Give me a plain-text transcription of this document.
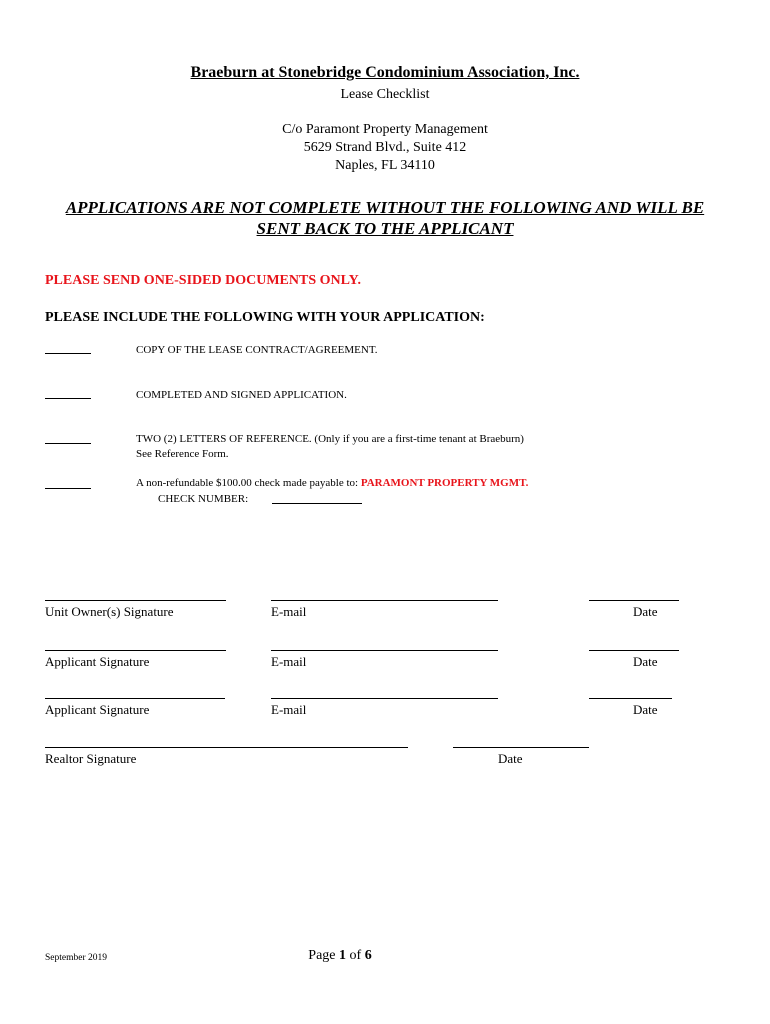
Braeburn at Stonebridge Condominium Association, Inc.
Lease Checklist
C/o Paramont Property Management
5629 Strand Blvd., Suite 412
Naples, FL 34110
APPLICATIONS ARE NOT COMPLETE WITHOUT THE FOLLOWING AND WILL BE
SENT BACK TO THE APPLICANT
PLEASE SEND ONE-SIDED DOCUMENTS ONLY.
PLEASE INCLUDE THE FOLLOWING WITH YOUR APPLICATION:
COPY OF THE LEASE CONTRACT/AGREEMENT.
COMPLETED AND SIGNED APPLICATION.
TWO (2) LETTERS OF REFERENCE. (Only if you are a first-time tenant at Braeburn)
See Reference Form.
A non-refundable $100.00 check made payable to: PARAMONT PROPERTY MGMT.
CHECK NUMBER:
Unit Owner(s) Signature	E-mail	Date
Applicant Signature	E-mail	Date
Applicant Signature	E-mail	Date
Realtor Signature	Date
September 2019	Page 1 of 6
